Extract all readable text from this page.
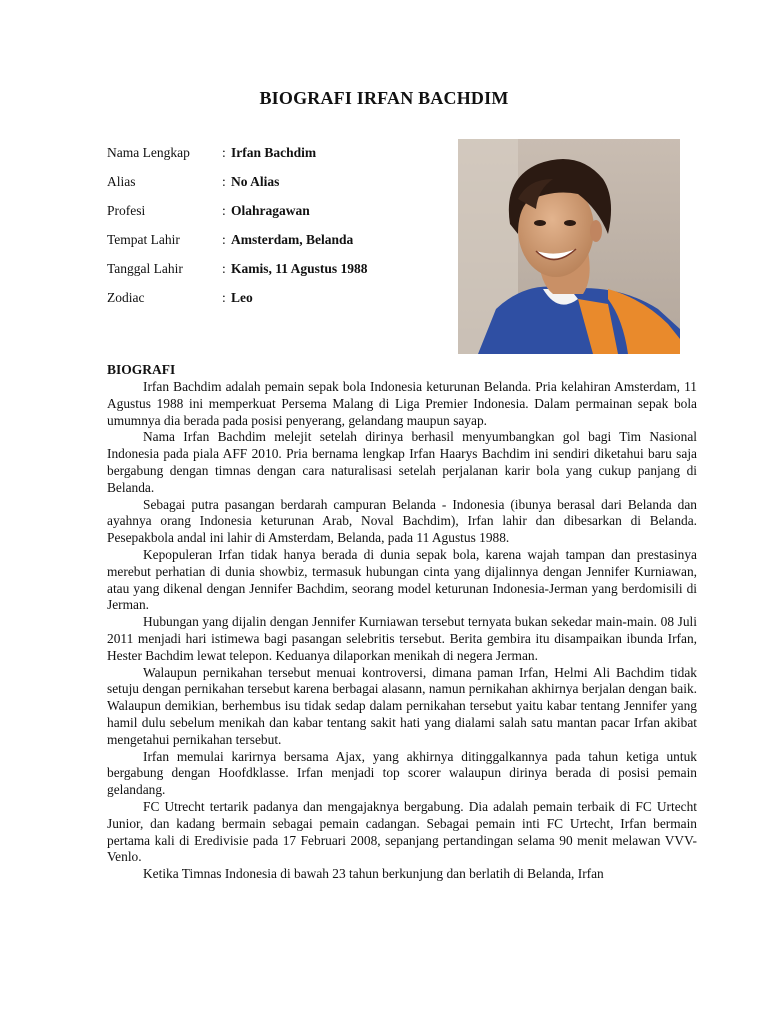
BIOGRAFI IRFAN BACHDIM
Nama Lengkap	: Irfan Bachdim
Alias	: No Alias
Profesi	: Olahragawan
Tempat Lahir	: Amsterdam, Belanda
Tanggal Lahir	: Kamis, 11 Agustus 1988
Zodiac	: Leo
BIOGRAFI

Irfan Bachdim adalah pemain sepak bola Indonesia keturunan Belanda. Pria kelahiran Amsterdam, 11 Agustus 1988 ini memperkuat Persema Malang di Liga Premier Indonesia. Dalam permainan sepak bola umumnya dia berada pada posisi penyerang, gelandang maupun sayap.

Nama Irfan Bachdim melejit setelah dirinya berhasil menyumbangkan gol bagi Tim Nasional Indonesia pada piala AFF 2010. Pria bernama lengkap Irfan Haarys Bachdim ini sendiri diketahui baru saja bergabung dengan timnas dengan cara naturalisasi setelah perjalanan karir bola yang cukup panjang di Belanda.

Sebagai putra pasangan berdarah campuran Belanda - Indonesia (ibunya berasal dari Belanda dan ayahnya orang Indonesia keturunan Arab, Noval Bachdim), Irfan lahir dan dibesarkan di Belanda. Pesepakbola andal ini lahir di Amsterdam, Belanda, pada 11 Agustus 1988.

Kepopuleran Irfan tidak hanya berada di dunia sepak bola, karena wajah tampan dan prestasinya merebut perhatian di dunia showbiz, termasuk hubungan cinta yang dijalinnya dengan Jennifer Kurniawan, atau yang dikenal dengan Jennifer Bachdim, seorang model keturunan Indonesia-Jerman yang berdomisili di Jerman.

Hubungan yang dijalin dengan Jennifer Kurniawan tersebut ternyata bukan sekedar main-main. 08 Juli 2011 menjadi hari istimewa bagi pasangan selebritis tersebut. Berita gembira itu disampaikan ibunda Irfan, Hester Bachdim lewat telepon. Keduanya dilaporkan menikah di negera Jerman.

Walaupun pernikahan tersebut menuai kontroversi, dimana paman Irfan, Helmi Ali Bachdim tidak setuju dengan pernikahan tersebut karena berbagai alasann, namun pernikahan akhirnya berjalan dengan baik. Walaupun demikian, berhembus isu tidak sedap dalam pernikahan tersebut yaitu kabar tentang Jennifer yang hamil dulu sebelum menikah dan kabar tentang sakit hati yang dialami salah satu mantan pacar Irfan akibat mengetahui pernikahan tersebut.

Irfan memulai karirnya bersama Ajax, yang akhirnya ditinggalkannya pada tahun ketiga untuk bergabung dengan Hoofdklasse. Irfan menjadi top scorer walaupun dirinya berada di posisi pemain gelandang.

FC Utrecht tertarik padanya dan mengajaknya bergabung. Dia adalah pemain terbaik di FC Urtecht Junior, dan kadang bermain sebagai pemain cadangan. Sebagai pemain inti FC Urtecht, Irfan bermain pertama kali di Eredivisie pada 17 Februari 2008, sepanjang pertandingan selama 90 menit melawan VVV-Venlo.

Ketika Timnas Indonesia di bawah 23 tahun berkunjung dan berlatih di Belanda, Irfan
